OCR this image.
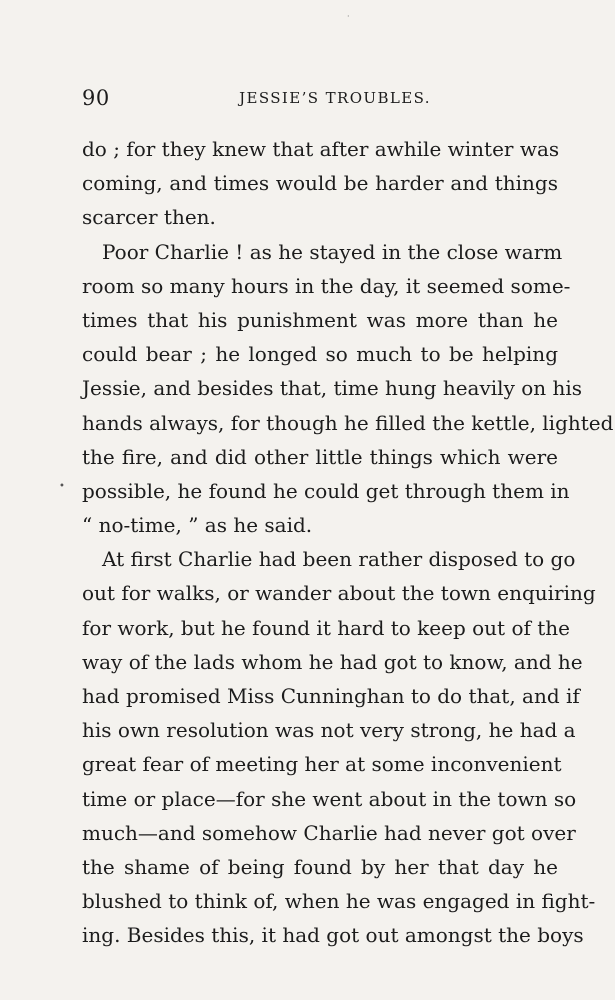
·
90	JESSIE’S TROUBLES.
•
do ; for they knew that after awhile winter was
coming, and times would be harder and things
scarcer then.
Poor Charlie ! as he stayed in the close warm
room so many hours in the day, it seemed some-
times that his punishment was more than he
could bear ; he longed so much to be helping
Jessie, and besides that, time hung heavily on his
hands always, for though he filled the kettle, lighted
the fire, and did other little things which were
possible, he found he could get through them in
“ no-time, ” as he said.
At first Charlie had been rather disposed to go
out for walks, or wander about the town enquiring
for work, but he found it hard to keep out of the
way of the lads whom he had got to know, and he
had promised Miss Cunninghan to do that, and if
his own resolution was not very strong, he had a
great fear of meeting her at some inconvenient
time or place—for she went about in the town so
much—and somehow Charlie had never got over
the shame of being found by her that day he
blushed to think of, when he was engaged in fight-
ing. Besides this, it had got out amongst the boys
